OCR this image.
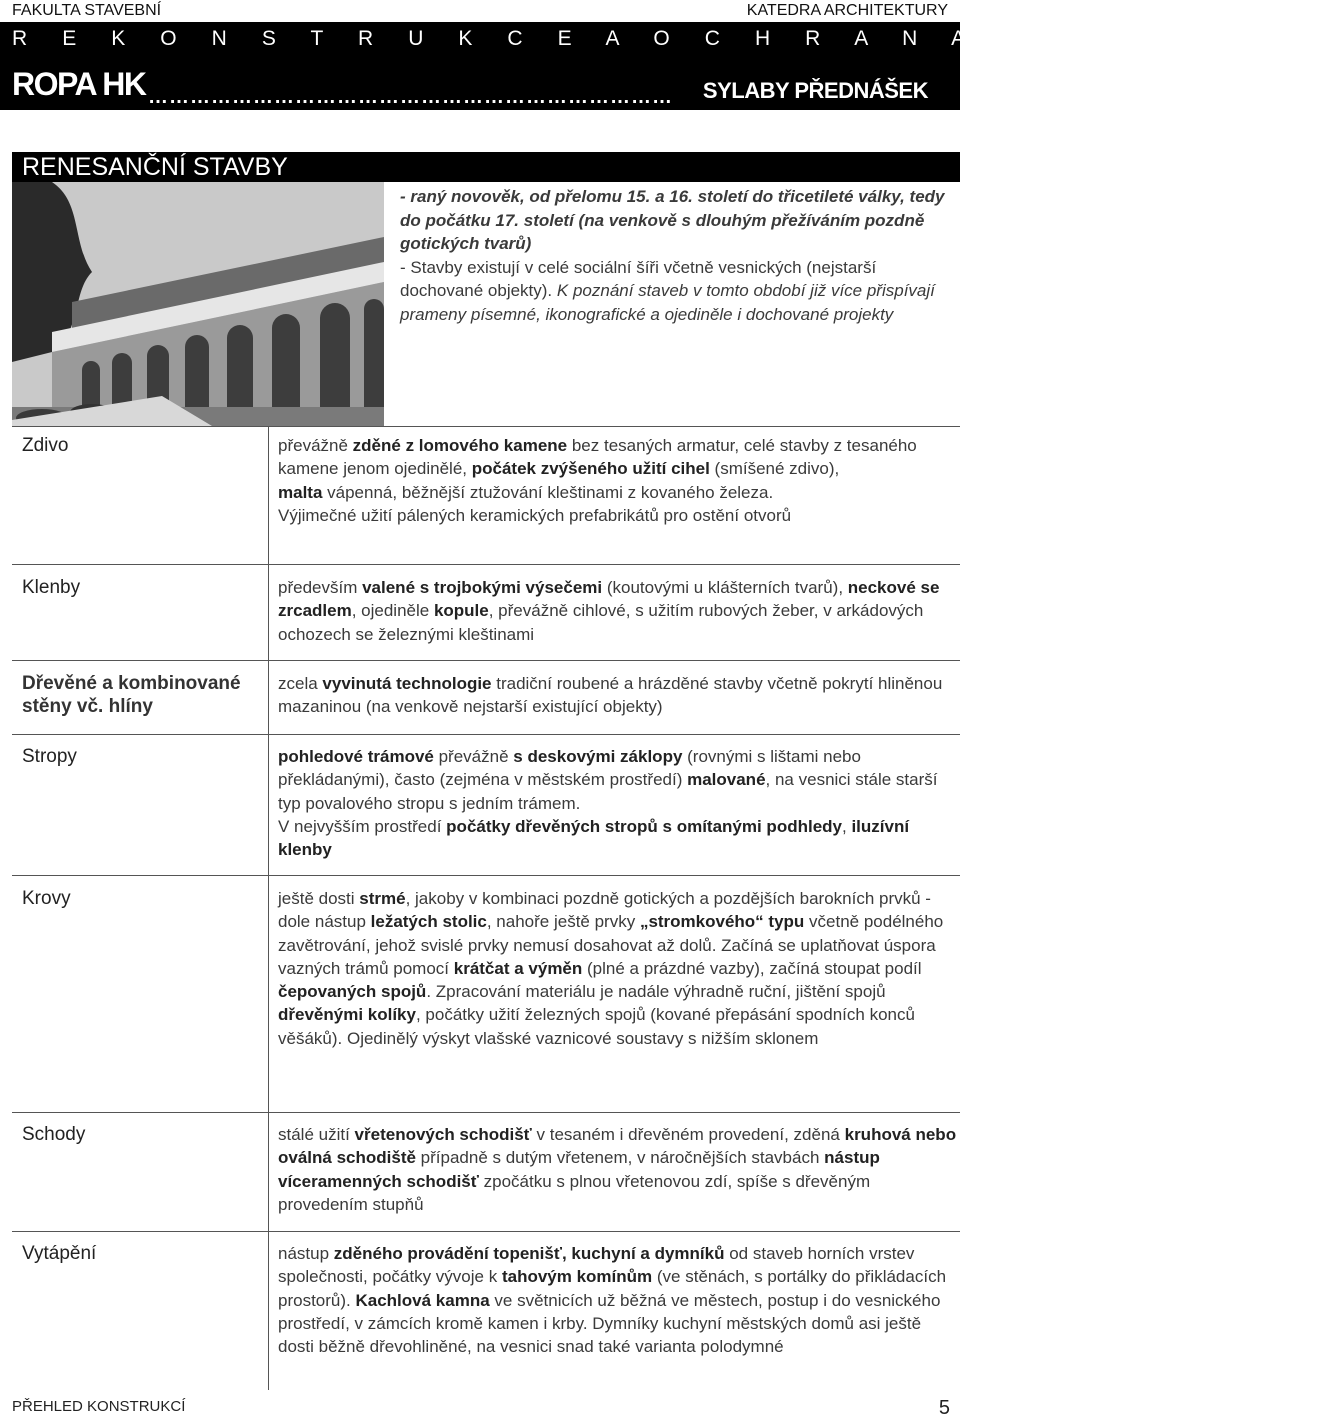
FAKULTA STAVEBNÍ	KATEDRA ARCHITEKTURY
R E K O N S T R U K C E A O C H R A N A P A M Á T E K
ROPA HK ………………………………………………………………… SYLABY PŘEDNÁŠEK
RENESANČNÍ STAVBY
- raný novověk, od přelomu 15. a 16. století do třicetileté války, tedy do počátku 17. století (na venkově s dlouhým přežíváním pozdně gotických tvarů)
- Stavby existují v celé sociální šíři včetně vesnických (nejstarší dochované objekty). K poznání staveb v tomto období již více přispívají prameny písemné, ikonografické a ojediněle i dochované projekty
Zdivo
Klenby
Dřevěné a kombinované stěny vč. hlíny
Stropy
Krovy
Schody
Vytápění
převážně zděné z lomového kamene bez tesaných armatur, celé stavby z tesaného kamene jenom ojedinělé, počátek zvýšeného užití cihel (smíšené zdivo),
malta vápenná, běžnější ztužování kleštinami z kovaného železa.
Výjimečné užití pálených keramických prefabrikátů pro ostění otvorů
především valené s trojbokými výsečemi (koutovými u klášterních tvarů), neckové se zrcadlem, ojediněle kopule, převážně cihlové, s užitím rubových žeber, v arkádových ochozech se železnými kleštinami
zcela vyvinutá technologie tradiční roubené a hrázděné stavby včetně pokrytí hliněnou mazaninou (na venkově nejstarší existující objekty)
pohledové trámové převážně s deskovými záklopy (rovnými s lištami nebo překládanými), často (zejména v městském prostředí) malované, na vesnici stále starší typ povalového stropu s jedním trámem.
V nejvyšším prostředí počátky dřevěných stropů s omítanými podhledy, iluzívní klenby
ještě dosti strmé, jakoby v kombinaci pozdně gotických a pozdějších barokních prvků - dole nástup ležatých stolic, nahoře ještě prvky „stromkového“ typu včetně podélného zavětrování, jehož svislé prvky nemusí dosahovat až dolů. Začíná se uplatňovat úspora vazných trámů pomocí krátčat a výměn (plné a prázdné vazby), začíná stoupat podíl čepovaných spojů. Zpracování materiálu je nadále výhradně ruční, jištění spojů dřevěnými kolíky, počátky užití železných spojů (kované přepásání spodních konců věšáků). Ojedinělý výskyt vlašské vaznicové soustavy s nižším sklonem
stálé užití vřetenových schodišť v tesaném i dřevěném provedení, zděná kruhová nebo oválná schodiště případně s dutým vřetenem, v náročnějších stavbách nástup víceramenných schodišť zpočátku s plnou vřetenovou zdí, spíše s dřevěným provedením stupňů
nástup zděného provádění topenišť, kuchyní a dymníků od staveb horních vrstev společnosti, počátky vývoje k tahovým komínům (ve stěnách, s portálky do přikládacích prostorů). Kachlová kamna ve světnicích už běžná ve městech, postup i do vesnického prostředí, v zámcích kromě kamen i krby. Dymníky kuchyní městských domů asi ještě dosti běžně dřevohliněné, na vesnici snad také varianta polodymné
PŘEHLED KONSTRUKCÍ	5
